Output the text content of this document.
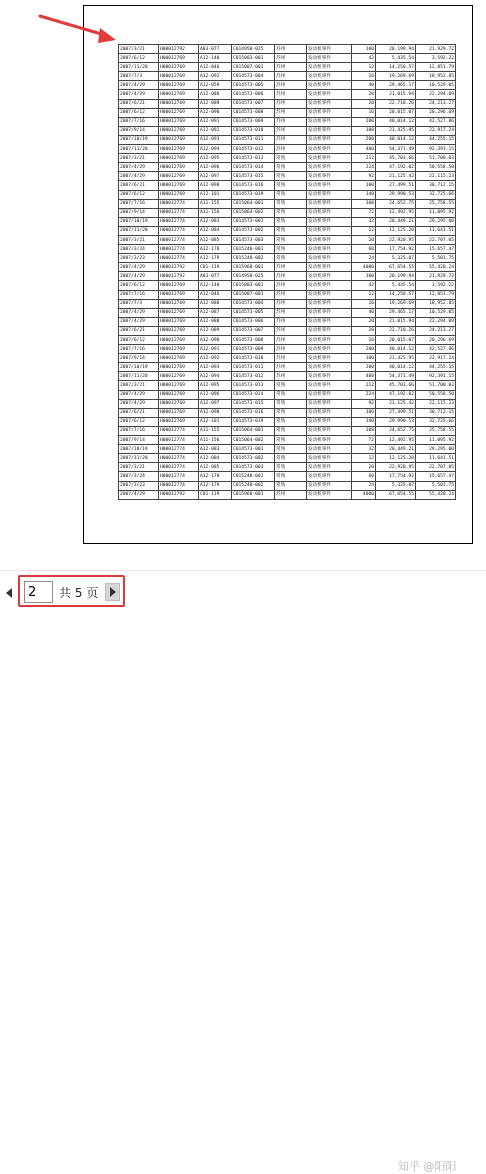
2007/3/21	H00012792	A03-077	C014950-025	苏州	发动机零件	100	20,199.94	21,929.72
2007/6/12	H00012769	A12-140	C015003-001	苏州	发动机零件	42	5,435.54	3,592.22
2007/11/20	H00012769	A12-046	C015007-001	苏州	发动机零件	12	14,250.57	12,851.79
2007/7/3	H00012769	A12-092	C014573-004	苏州	发动机零件	16	19,269.69	18,952.85
2007/4/29	H00012769	A12-059	C014573-005	苏州	发动机零件	40	29,465.17	10,529.05
2007/4/29	H00012769	A12-088	C014573-006	苏州	发动机零件	20	21,015.94	22,294.09
2007/6/21	H00012769	A12-089	C014573-007	苏州	发动机零件	20	22,710.26	24,213.27
2007/6/12	H00012769	A12-090	C014573-008	苏州	发动机零件	16	20,015.07	20,296.69
2007/7/16	H00012769	A12-091	C014573-009	苏州	发动机零件	200	40,014.12	42,527.86
2007/9/14	H00012769	A12-092	C014573-010	苏州	发动机零件	100	21,425.95	22,917.24
2007/10/19	H00012769	A12-093	C014573-011	苏州	发动机零件	200	40,014.12	44,255.15
2007/11/20	H00012769	A12-094	C014573-012	苏州	发动机零件	400	54,371.49	92,391.15
2007/3/21	H00012769	A12-095	C014573-013	常熟	发动机零件	212	45,703.66	51,700.03
2007/4/29	H00012769	A12-096	C014573-014	常熟	发动机零件	224	47,192.02	50,558.50
2007/4/29	H00012769	A12-097	C014573-015	常熟	发动机零件	92	21,125.42	22,115.23
2007/6/21	H00012769	A12-098	C014573-016	常熟	发动机零件	100	27,499.51	30,712.15
2007/6/12	H00012769	A12-101	C014573-019	常熟	发动机零件	140	29,990.53	32,725.66
2007/7/16	H00012774	A11-155	C015064-001	常熟	发动机零件	108	24,652.75	25,758.55
2007/9/14	H00012774	A11-156	C015064-002	常熟	发动机零件	72	12,492.95	11,095.92
2007/10/19	H00012774	A12-083	C014573-001	常熟	发动机零件	32	20,449.21	29,295.00
2007/11/20	H00012774	A12-084	C014573-002	常熟	发动机零件	12	12,125.20	11,641.51
2007/3/21	H00012774	A12-085	C014573-003	常熟	发动机零件	20	22,920.95	22,707.05
2007/3/24	H00012774	A12-178	C015240-001	常熟	发动机零件	60	17,754.92	15,657.47
2007/3/23	H00012774	A12-179	C015240-002	常熟	发动机零件	24	5,325.07	5,501.75
2007/4/29	H00012792	C01-119	C015960-001	苏州	发动机零件	4000	67,654.55	55,420.24
2007/4/29	H00012792	A03-077	C014950-025	苏州	发动机零件	100	20,199.94	21,929.72
2007/6/12	H00012769	A12-140	C015003-001	苏州	发动机零件	42	5,435.54	3,592.22
2007/7/16	H00012769	A12-046	C015007-001	苏州	发动机零件	12	14,250.57	12,851.79
2007/7/3	H00012769	A12-088	C014573-004	苏州	发动机零件	16	19,269.69	18,952.85
2007/4/29	H00012769	A12-087	C014573-005	苏州	发动机零件	40	29,465.17	10,529.05
2007/4/29	H00012769	A12-088	C014573-006	苏州	发动机零件	20	21,015.94	22,294.09
2007/6/21	H00012769	A12-089	C014573-007	苏州	发动机零件	20	22,710.26	24,213.27
2007/6/12	H00012769	A12-090	C014573-008	苏州	发动机零件	16	20,015.07	20,296.69
2007/7/16	H00012769	A12-091	C014573-009	苏州	发动机零件	200	40,014.12	42,527.86
2007/9/14	H00012769	A12-092	C014573-010	苏州	发动机零件	100	21,425.95	22,917.24
2007/10/19	H00012769	A12-093	C014573-011	苏州	发动机零件	200	40,014.12	44,255.15
2007/11/20	H00012769	A12-094	C014573-012	苏州	发动机零件	400	54,371.49	92,391.15
2007/3/21	H00012769	A12-095	C014573-013	常熟	发动机零件	212	45,703.66	51,700.03
2007/4/29	H00012769	A12-096	C014573-014	常熟	发动机零件	224	47,192.02	50,558.50
2007/4/29	H00012769	A12-097	C014573-015	常熟	发动机零件	92	21,125.42	22,115.23
2007/6/21	H00012769	A12-098	C014573-016	常熟	发动机零件	100	27,499.51	30,712.15
2007/6/12	H00012769	A12-101	C014573-019	常熟	发动机零件	140	29,990.53	32,725.66
2007/7/16	H00012774	A11-155	C015064-001	常熟	发动机零件	108	24,652.75	25,758.55
2007/9/14	H00012774	A11-156	C015064-002	常熟	发动机零件	72	12,492.95	11,095.92
2007/10/19	H00012774	A12-083	C014573-001	常熟	发动机零件	32	20,449.21	29,295.00
2007/11/20	H00012774	A12-084	C014573-002	常熟	发动机零件	12	12,125.20	11,641.51
2007/3/21	H00012774	A12-085	C014573-003	常熟	发动机零件	20	22,920.95	22,707.05
2007/3/24	H00012774	A12-178	C015240-001	常熟	发动机零件	60	17,754.92	15,657.47
2007/3/23	H00012774	A12-179	C015240-002	常熟	发动机零件	24	5,325.07	5,501.75
2007/4/29	H00012792	C01-119	C015960-001	苏州	发动机零件	4000	67,654.55	55,420.24
2
共 5 页
知乎 @阳阳
